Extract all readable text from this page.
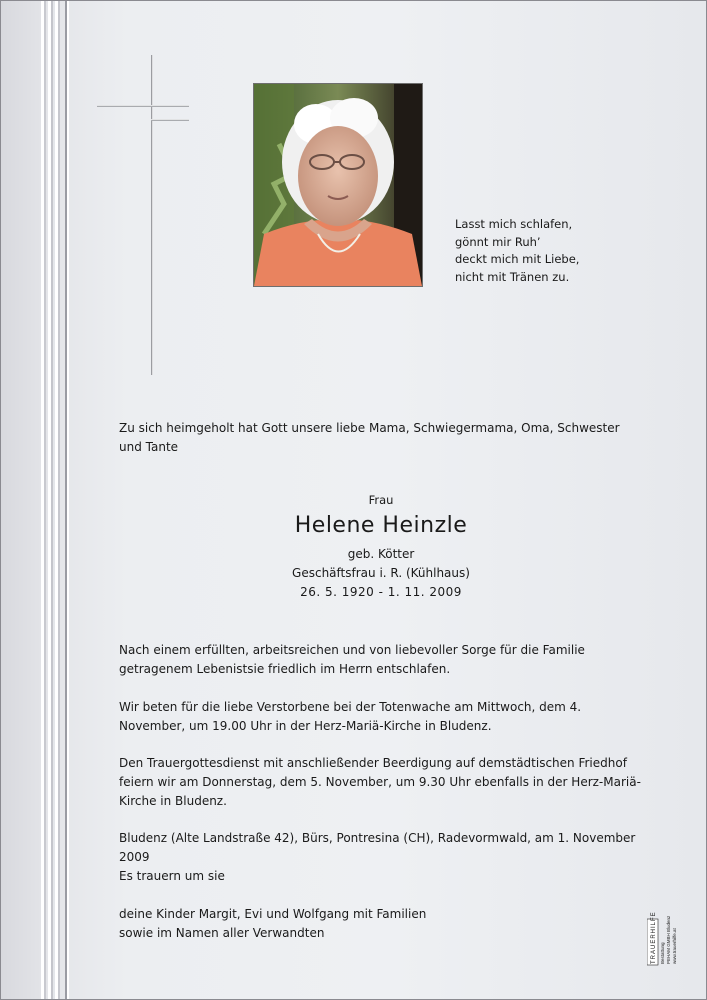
Lasst mich schlafen,
gönnt mir Ruh’
deckt mich mit Liebe,
nicht mit Tränen zu.
Zu sich heimgeholt hat Gott unsere liebe Mama, Schwiegermama, Oma, Schwester und Tante
Frau
Helene Heinzle
geb. Kötter
Geschäftsfrau i. R. (Kühlhaus)
26. 5. 1920 - 1. 11. 2009
Nach einem erfüllten, arbeitsreichen und von liebevoller Sorge für die Familie getragenem Lebenistsie friedlich im Herrn entschlafen.
Wir beten für die liebe Verstorbene bei der Totenwache am Mittwoch, dem 4. November, um 19.00 Uhr in der Herz-Mariä-Kirche in Bludenz.
Den Trauergottesdienst mit anschließender Beerdigung auf demstädtischen Friedhof feiern wir am Donnerstag, dem 5. November, um 9.30 Uhr ebenfalls in der Herz-Mariä-Kirche in Bludenz.
Bludenz (Alte Landstraße 42), Bürs, Pontresina (CH), Radevormwald, am 1. November 2009
Es trauern um sie
deine Kinder Margit, Evi und Wolfgang mit Familien
sowie im Namen aller Verwandten	TRAUERHILFE Bestattung PEHAM GMBH Bludenz www.trauerhilfe.at
